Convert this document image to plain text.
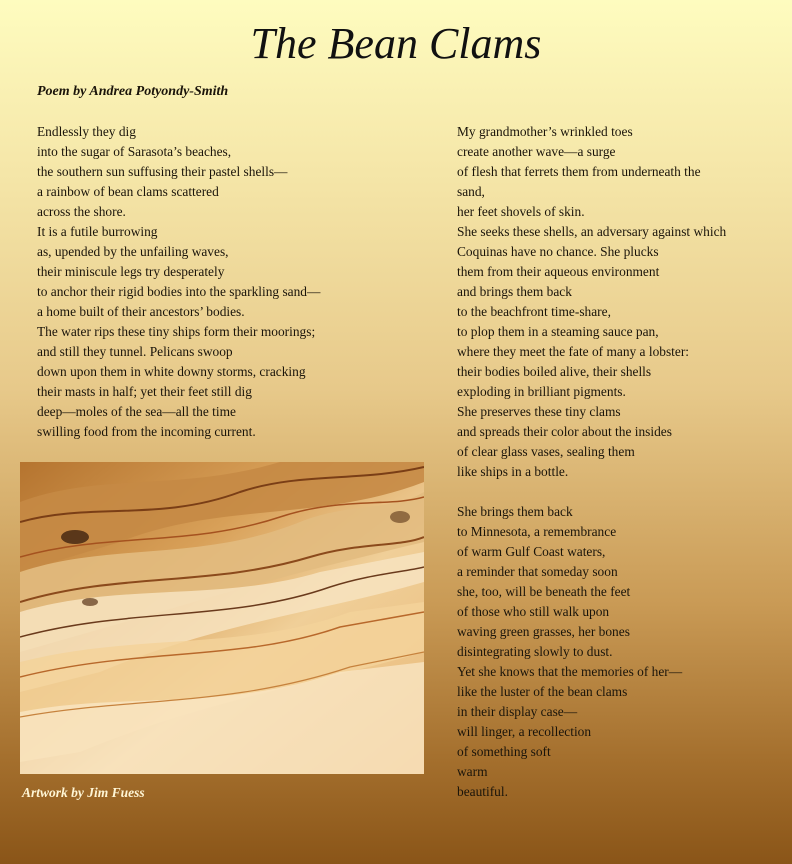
The Bean Clams
Poem by Andrea Potyondy-Smith
Endlessly they dig
into the sugar of Sarasota’s beaches,
the southern sun suffusing their pastel shells—
a rainbow of bean clams scattered
across the shore.
It is a futile burrowing
as, upended by the unfailing waves,
their miniscule legs try desperately
to anchor their rigid bodies into the sparkling sand—
a home built of their ancestors’ bodies.
The water rips these tiny ships form their moorings;
and still they tunnel. Pelicans swoop
down upon them in white downy storms, cracking
their masts in half; yet their feet still dig
deep—moles of the sea—all the time
swilling food from the incoming current.
My grandmother’s wrinkled toes
create another wave—a surge
of flesh that ferrets them from underneath the
sand,
her feet shovels of skin.
She seeks these shells, an adversary against which
Coquinas have no chance. She plucks
them from their aqueous environment
and brings them back
to the beachfront time-share,
to plop them in a steaming sauce pan,
where they meet the fate of many a lobster:
their bodies boiled alive, their shells
exploding in brilliant pigments.
She preserves these tiny clams
and spreads their color about the insides
of clear glass vases, sealing them
like ships in a bottle.
She brings them back
to Minnesota, a remembrance
of warm Gulf Coast waters,
a reminder that someday soon
she, too, will be beneath the feet
of those who still walk upon
waving green grasses, her bones
disintegrating slowly to dust.
Yet she knows that the memories of her—
like the luster of the bean clams
in their display case—
will linger, a recollection
of something soft
warm
beautiful.
Artwork by Jim Fuess
